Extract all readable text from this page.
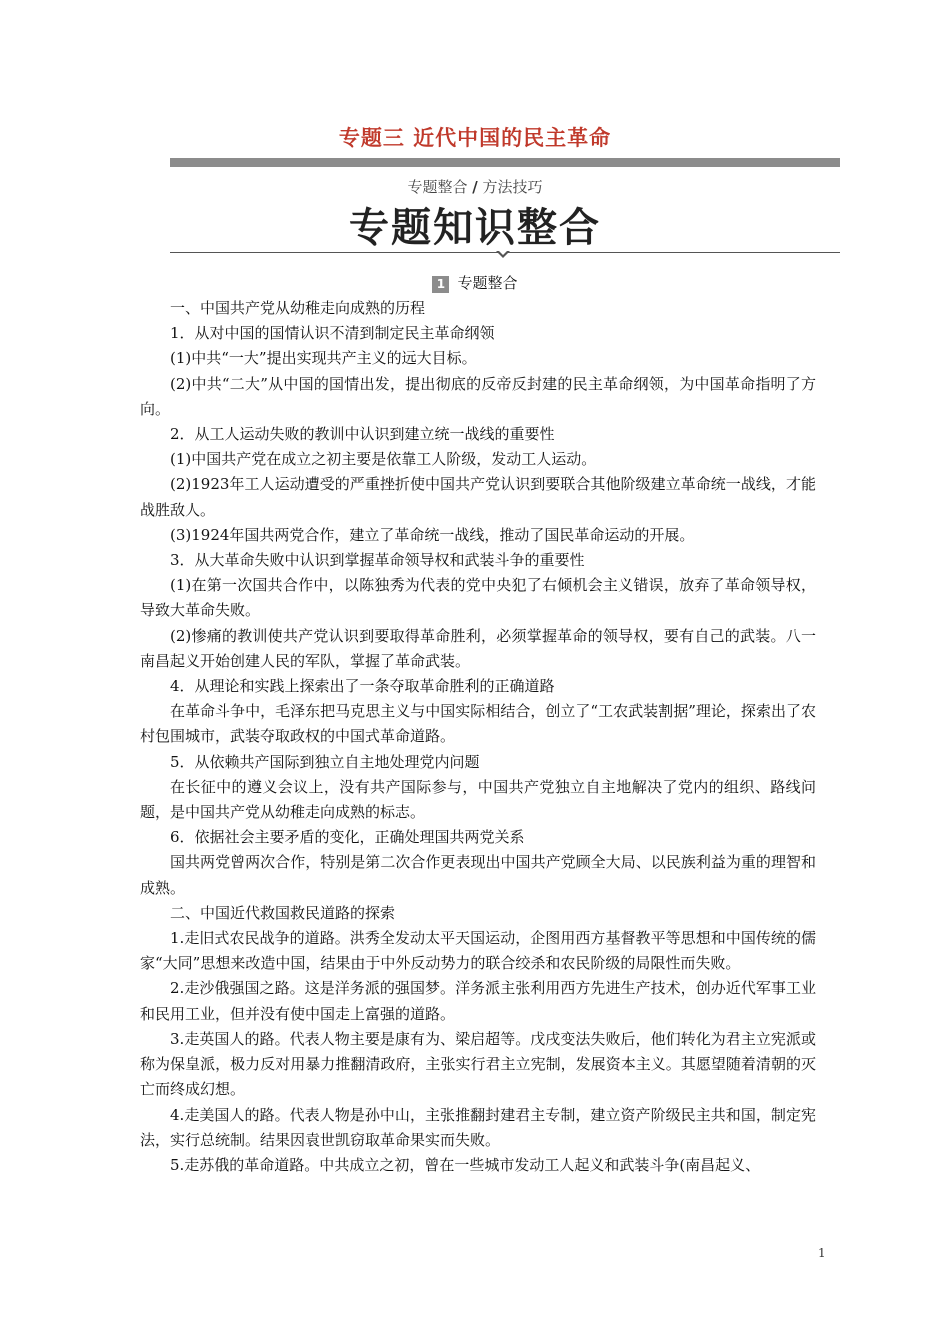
专题三 近代中国的民主革命
专题整合 / 方法技巧
专题知识整合
1 专题整合

一、中国共产党从幼稚走向成熟的历程

1．从对中国的国情认识不清到制定民主革命纲领

(1)中共“一大”提出实现共产主义的远大目标。

(2)中共“二大”从中国的国情出发，提出彻底的反帝反封建的民主革命纲领，为中国革命指明了方向。

2．从工人运动失败的教训中认识到建立统一战线的重要性

(1)中国共产党在成立之初主要是依靠工人阶级，发动工人运动。

(2)1923年工人运动遭受的严重挫折使中国共产党认识到要联合其他阶级建立革命统一战线，才能战胜敌人。

(3)1924年国共两党合作，建立了革命统一战线，推动了国民革命运动的开展。

3．从大革命失败中认识到掌握革命领导权和武装斗争的重要性

(1)在第一次国共合作中，以陈独秀为代表的党中央犯了右倾机会主义错误，放弃了革命领导权，导致大革命失败。

(2)惨痛的教训使共产党认识到要取得革命胜利，必须掌握革命的领导权，要有自己的武装。八一南昌起义开始创建人民的军队，掌握了革命武装。

4．从理论和实践上探索出了一条夺取革命胜利的正确道路

在革命斗争中，毛泽东把马克思主义与中国实际相结合，创立了“工农武装割据”理论，探索出了农村包围城市，武装夺取政权的中国式革命道路。

5．从依赖共产国际到独立自主地处理党内问题

在长征中的遵义会议上，没有共产国际参与，中国共产党独立自主地解决了党内的组织、路线问题，是中国共产党从幼稚走向成熟的标志。

6．依据社会主要矛盾的变化，正确处理国共两党关系

国共两党曾两次合作，特别是第二次合作更表现出中国共产党顾全大局、以民族利益为重的理智和成熟。

二、中国近代救国救民道路的探索

1.走旧式农民战争的道路。洪秀全发动太平天国运动，企图用西方基督教平等思想和中国传统的儒家“大同”思想来改造中国，结果由于中外反动势力的联合绞杀和农民阶级的局限性而失败。

2.走沙俄强国之路。这是洋务派的强国梦。洋务派主张利用西方先进生产技术，创办近代军事工业和民用工业，但并没有使中国走上富强的道路。

3.走英国人的路。代表人物主要是康有为、梁启超等。戊戌变法失败后，他们转化为君主立宪派或称为保皇派，极力反对用暴力推翻清政府，主张实行君主立宪制，发展资本主义。其愿望随着清朝的灭亡而终成幻想。

4.走美国人的路。代表人物是孙中山，主张推翻封建君主专制，建立资产阶级民主共和国，制定宪法，实行总统制。结果因袁世凯窃取革命果实而失败。

5.走苏俄的革命道路。中共成立之初，曾在一些城市发动工人起义和武装斗争(南昌起义、

1
